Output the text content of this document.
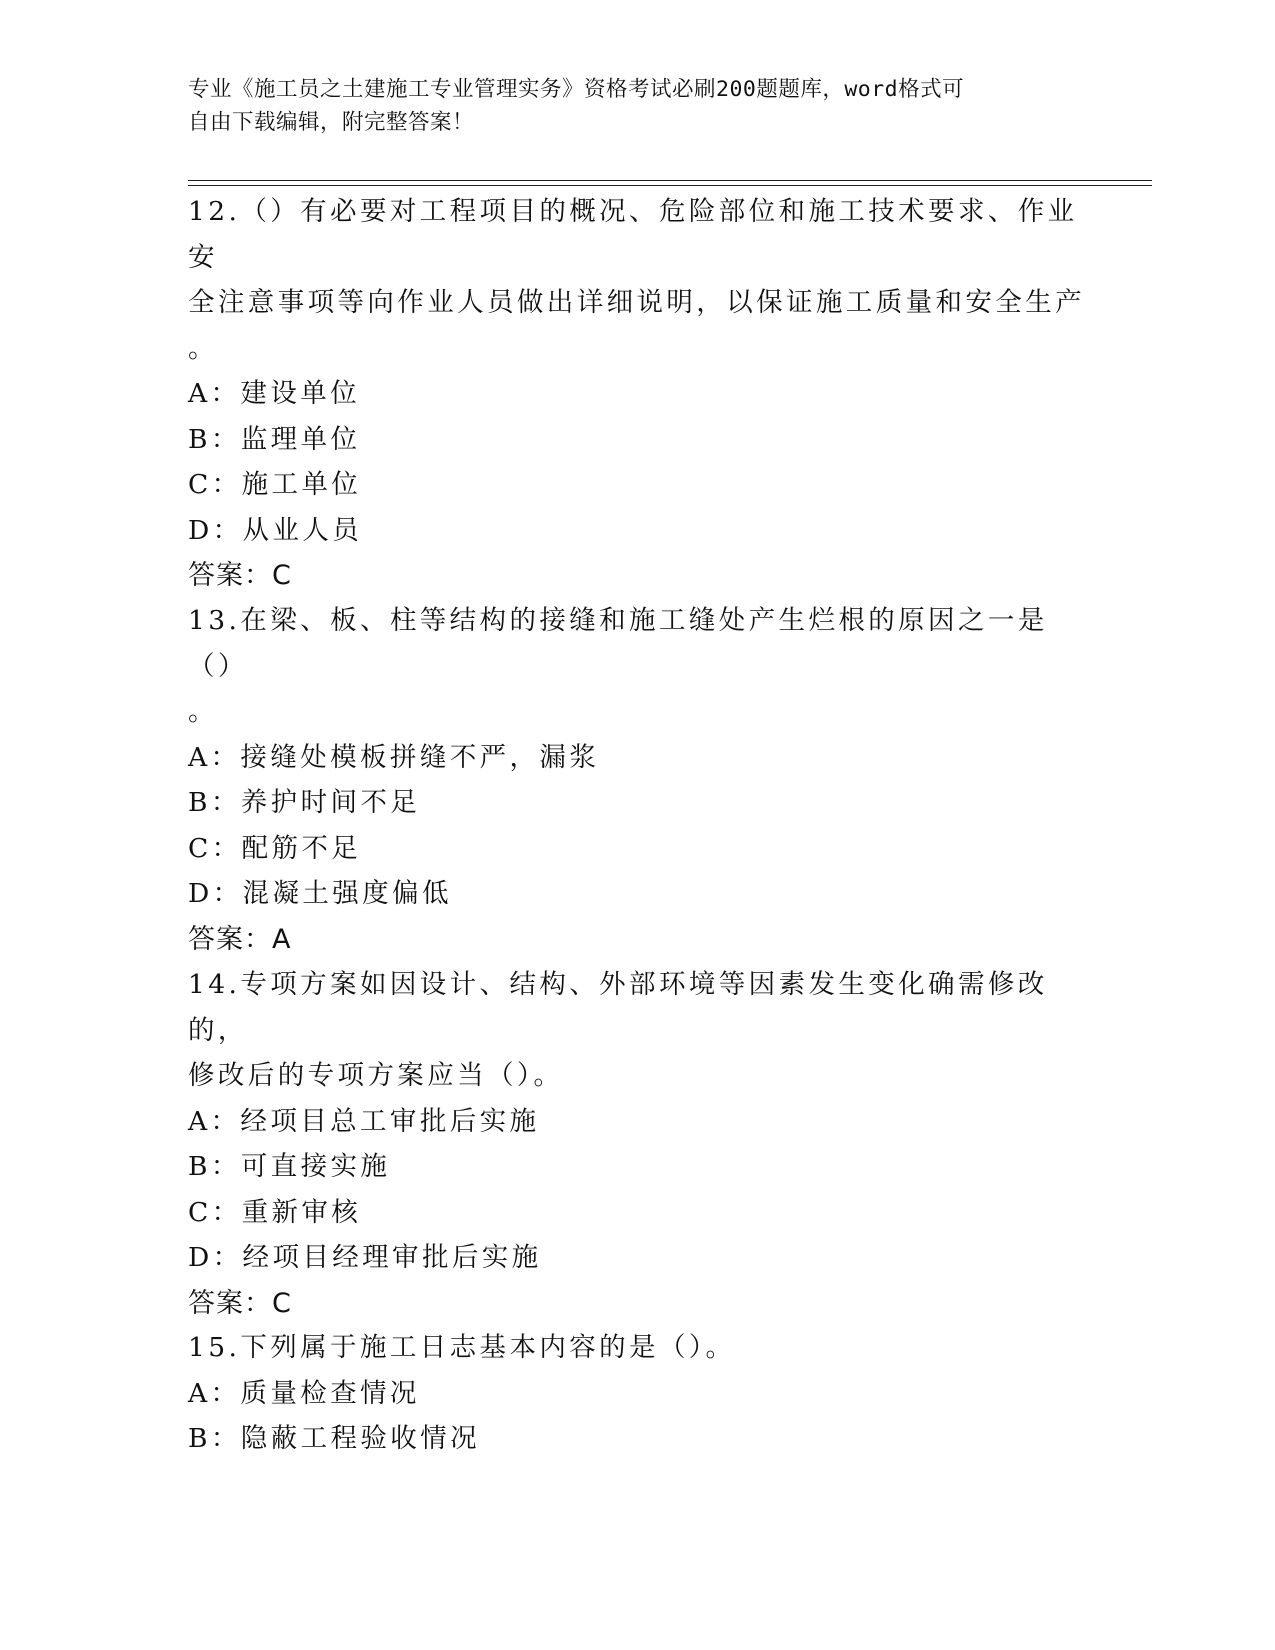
专业《施工员之土建施工专业管理实务》资格考试必刷200题题库，word格式可
自由下载编辑，附完整答案！

12.（）有必要对工程项目的概况、危险部位和施工技术要求、作业安
全注意事项等向作业人员做出详细说明，以保证施工质量和安全生产
。

A：建设单位

B：监理单位

C：施工单位

D：从业人员

答案：C

13.在梁、板、柱等结构的接缝和施工缝处产生烂根的原因之一是（）
。

A：接缝处模板拼缝不严，漏浆

B：养护时间不足

C：配筋不足

D：混凝土强度偏低

答案：A

14.专项方案如因设计、结构、外部环境等因素发生变化确需修改的，
修改后的专项方案应当（）。

A：经项目总工审批后实施

B：可直接实施

C：重新审核

D：经项目经理审批后实施

答案：C

15.下列属于施工日志基本内容的是（）。

A：质量检查情况

B：隐蔽工程验收情况
